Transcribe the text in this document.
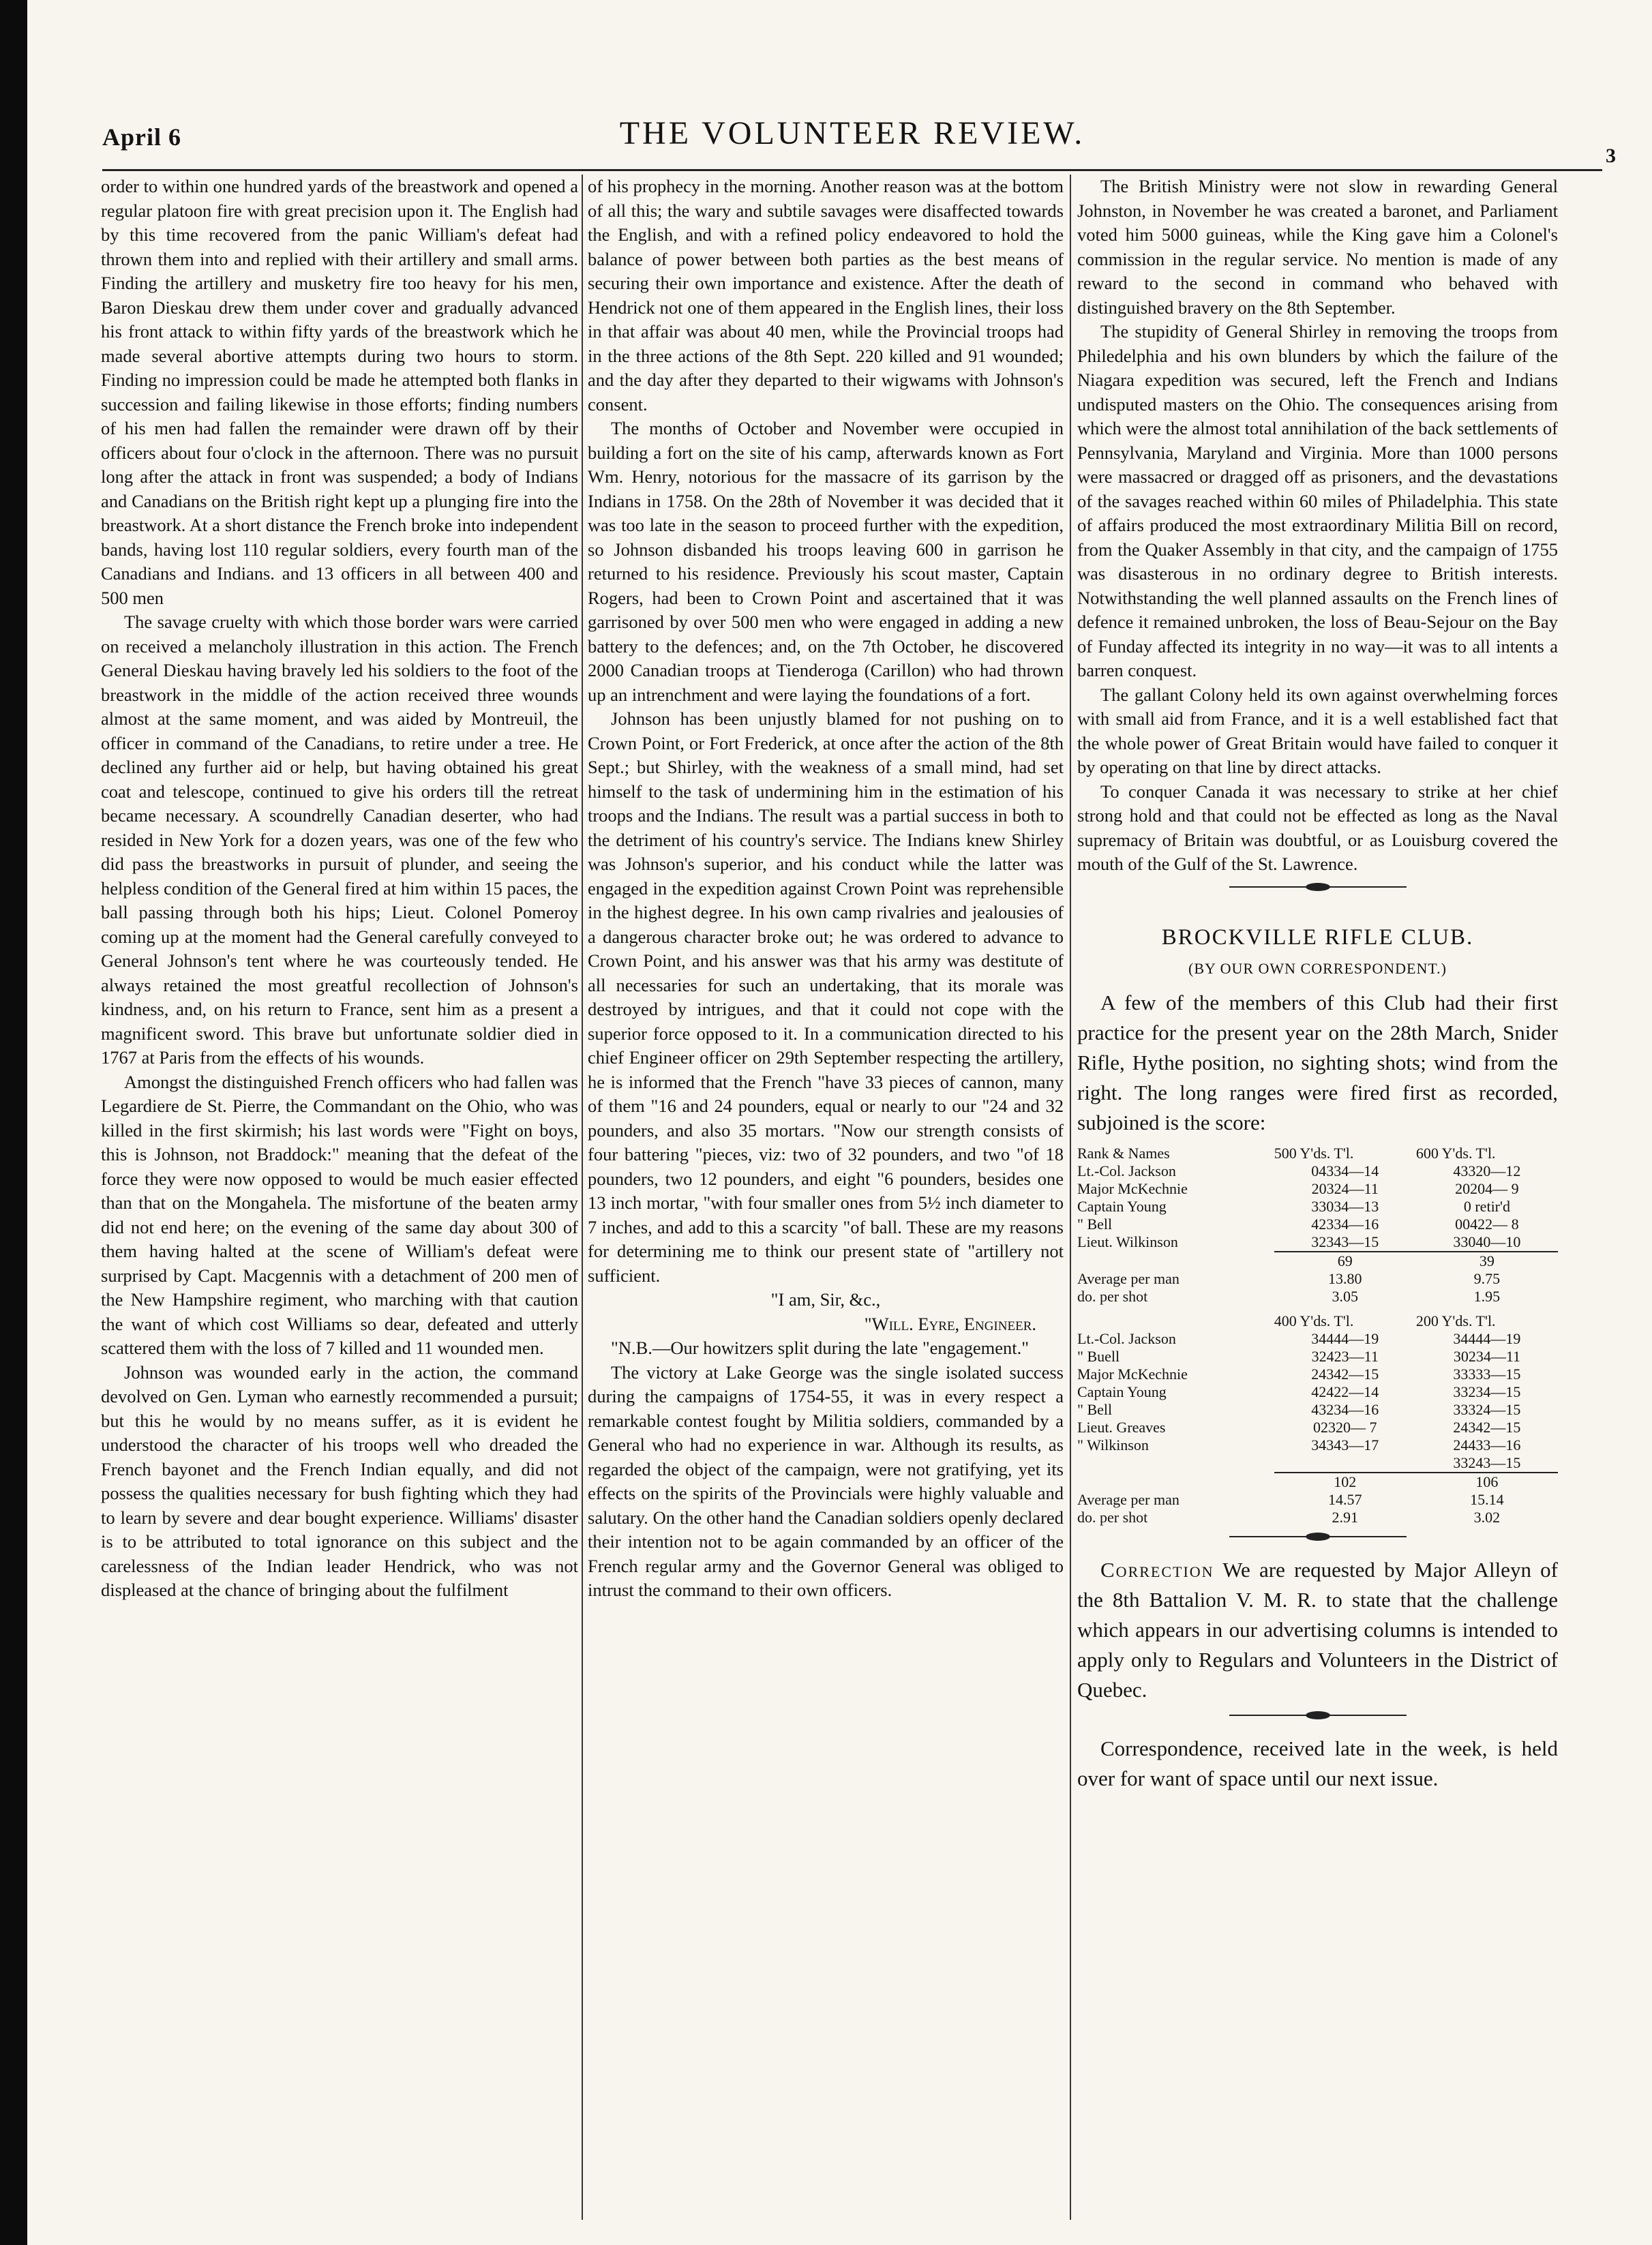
April 6	THE VOLUNTEER REVIEW.
3

order to within one hundred yards of the breastwork and opened a regular platoon fire with great precision upon it. The English had by this time recovered from the panic William's defeat had thrown them into and replied with their artillery and small arms. Finding the artillery and musketry fire too heavy for his men, Baron Dieskau drew them under cover and gradually advanced his front attack to within fifty yards of the breastwork which he made several abortive attempts during two hours to storm. Finding no impression could be made he attempted both flanks in succession and failing likewise in those efforts; finding numbers of his men had fallen the remainder were drawn off by their officers about four o'clock in the afternoon. There was no pursuit long after the attack in front was suspended; a body of Indians and Canadians on the British right kept up a plunging fire into the breastwork. At a short distance the French broke into independent bands, having lost 110 regular soldiers, every fourth man of the Canadians and Indians. and 13 officers in all between 400 and 500 men

The savage cruelty with which those border wars were carried on received a melancholy illustration in this action. The French General Dieskau having bravely led his soldiers to the foot of the breastwork in the middle of the action received three wounds almost at the same moment, and was aided by Montreuil, the officer in command of the Canadians, to retire under a tree. He declined any further aid or help, but having obtained his great coat and telescope, continued to give his orders till the retreat became necessary. A scoundrelly Canadian deserter, who had resided in New York for a dozen years, was one of the few who did pass the breastworks in pursuit of plunder, and seeing the helpless condition of the General fired at him within 15 paces, the ball passing through both his hips; Lieut. Colonel Pomeroy coming up at the moment had the General carefully conveyed to General Johnson's tent where he was courteously tended. He always retained the most greatful recollection of Johnson's kindness, and, on his return to France, sent him as a present a magnificent sword. This brave but unfortunate soldier died in 1767 at Paris from the effects of his wounds.

Amongst the distinguished French officers who had fallen was Legardiere de St. Pierre, the Commandant on the Ohio, who was killed in the first skirmish; his last words were "Fight on boys, this is Johnson, not Braddock:" meaning that the defeat of the force they were now opposed to would be much easier effected than that on the Mongahela. The misfortune of the beaten army did not end here; on the evening of the same day about 300 of them having halted at the scene of William's defeat were surprised by Capt. Macgennis with a detachment of 200 men of the New Hampshire regiment, who marching with that caution the want of which cost Williams so dear, defeated and utterly scattered them with the loss of 7 killed and 11 wounded men.

Johnson was wounded early in the action, the command devolved on Gen. Lyman who earnestly recommended a pursuit; but this he would by no means suffer, as it is evident he understood the character of his troops well who dreaded the French bayonet and the French Indian equally, and did not possess the qualities necessary for bush fighting which they had to learn by severe and dear bought experience. Williams' disaster is to be attributed to total ignorance on this subject and the carelessness of the Indian leader Hendrick, who was not displeased at the chance of bringing about the fulfilment

of his prophecy in the morning. Another reason was at the bottom of all this; the wary and subtile savages were disaffected towards the English, and with a refined policy endeavored to hold the balance of power between both parties as the best means of securing their own importance and existence. After the death of Hendrick not one of them appeared in the English lines, their loss in that affair was about 40 men, while the Provincial troops had in the three actions of the 8th Sept. 220 killed and 91 wounded; and the day after they departed to their wigwams with Johnson's consent.

The months of October and November were occupied in building a fort on the site of his camp, afterwards known as Fort Wm. Henry, notorious for the massacre of its garrison by the Indians in 1758. On the 28th of November it was decided that it was too late in the season to proceed further with the expedition, so Johnson disbanded his troops leaving 600 in garrison he returned to his residence. Previously his scout master, Captain Rogers, had been to Crown Point and ascertained that it was garrisoned by over 500 men who were engaged in adding a new battery to the defences; and, on the 7th October, he discovered 2000 Canadian troops at Tienderoga (Carillon) who had thrown up an intrenchment and were laying the foundations of a fort.

Johnson has been unjustly blamed for not pushing on to Crown Point, or Fort Frederick, at once after the action of the 8th Sept.; but Shirley, with the weakness of a small mind, had set himself to the task of undermining him in the estimation of his troops and the Indians. The result was a partial success in both to the detriment of his country's service. The Indians knew Shirley was Johnson's superior, and his conduct while the latter was engaged in the expedition against Crown Point was reprehensible in the highest degree. In his own camp rivalries and jealousies of a dangerous character broke out; he was ordered to advance to Crown Point, and his answer was that his army was destitute of all necessaries for such an undertaking, that its morale was destroyed by intrigues, and that it could not cope with the superior force opposed to it. In a communication directed to his chief Engineer officer on 29th September respecting the artillery, he is informed that the French "have 33 pieces of cannon, many of them "16 and 24 pounders, equal or nearly to our "24 and 32 pounders, and also 35 mortars. "Now our strength consists of four battering "pieces, viz: two of 32 pounders, and two "of 18 pounders, two 12 pounders, and eight "6 pounders, besides one 13 inch mortar, "with four smaller ones from 5½ inch diameter to 7 inches, and add to this a scarcity "of ball. These are my reasons for determining me to think our present state of "artillery not sufficient.

"I am, Sir, &c.,

"Will. Eyre, Engineer.

"N.B.—Our howitzers split during the late "engagement."

The victory at Lake George was the single isolated success during the campaigns of 1754-55, it was in every respect a remarkable contest fought by Militia soldiers, commanded by a General who had no experience in war. Although its results, as regarded the object of the campaign, were not gratifying, yet its effects on the spirits of the Provincials were highly valuable and salutary. On the other hand the Canadian soldiers openly declared their intention not to be again commanded by an officer of the French regular army and the Governor General was obliged to intrust the command to their own officers.

The British Ministry were not slow in rewarding General Johnston, in November he was created a baronet, and Parliament voted him 5000 guineas, while the King gave him a Colonel's commission in the regular service. No mention is made of any reward to the second in command who behaved with distinguished bravery on the 8th September.

The stupidity of General Shirley in removing the troops from Philedelphia and his own blunders by which the failure of the Niagara expedition was secured, left the French and Indians undisputed masters on the Ohio. The consequences arising from which were the almost total annihilation of the back settlements of Pennsylvania, Maryland and Virginia. More than 1000 persons were massacred or dragged off as prisoners, and the devastations of the savages reached within 60 miles of Philadelphia. This state of affairs produced the most extraordinary Militia Bill on record, from the Quaker Assembly in that city, and the campaign of 1755 was disasterous in no ordinary degree to British interests. Notwithstanding the well planned assaults on the French lines of defence it remained unbroken, the loss of Beau-Sejour on the Bay of Funday affected its integrity in no way—it was to all intents a barren conquest.

The gallant Colony held its own against overwhelming forces with small aid from France, and it is a well established fact that the whole power of Great Britain would have failed to conquer it by operating on that line by direct attacks.

To conquer Canada it was necessary to strike at her chief strong hold and that could not be effected as long as the Naval supremacy of Britain was doubtful, or as Louisburg covered the mouth of the Gulf of the St. Lawrence.

BROCKVILLE RIFLE CLUB.
(BY OUR OWN CORRESPONDENT.)

A few of the members of this Club had their first practice for the present year on the 28th March, Snider Rifle, Hythe position, no sighting shots; wind from the right. The long ranges were fired first as recorded, subjoined is the score:

Rank & Names	500 Y'ds. T'l.	600 Y'ds. T'l.
Lt.-Col. Jackson	04334—14	43320—12
Major McKechnie	20324—11	20204— 9
Captain Young	33034—13	0 retir'd
" Bell	42334—16	00422— 8
Lieut. Wilkinson	32343—15	33040—10
	69	39
Average per man	13.80	9.75
do. per shot	3.05	1.95
	400 Y'ds. T'l.	200 Y'ds. T'l.
Lt.-Col. Jackson	34444—19	34444—19
" Buell	32423—11	30234—11
Major McKechnie	24342—15	33333—15
Captain Young	42422—14	33234—15
" Bell	43234—16	33324—15
Lieut. Greaves	02320— 7	24342—15
" Wilkinson	34343—17	24433—16
		33243—15
	102	106
Average per man	14.57	15.14
do. per shot	2.91	3.02

Correction We are requested by Major Alleyn of the 8th Battalion V. M. R. to state that the challenge which appears in our advertising columns is intended to apply only to Regulars and Volunteers in the District of Quebec.

Correspondence, received late in the week, is held over for want of space until our next issue.
